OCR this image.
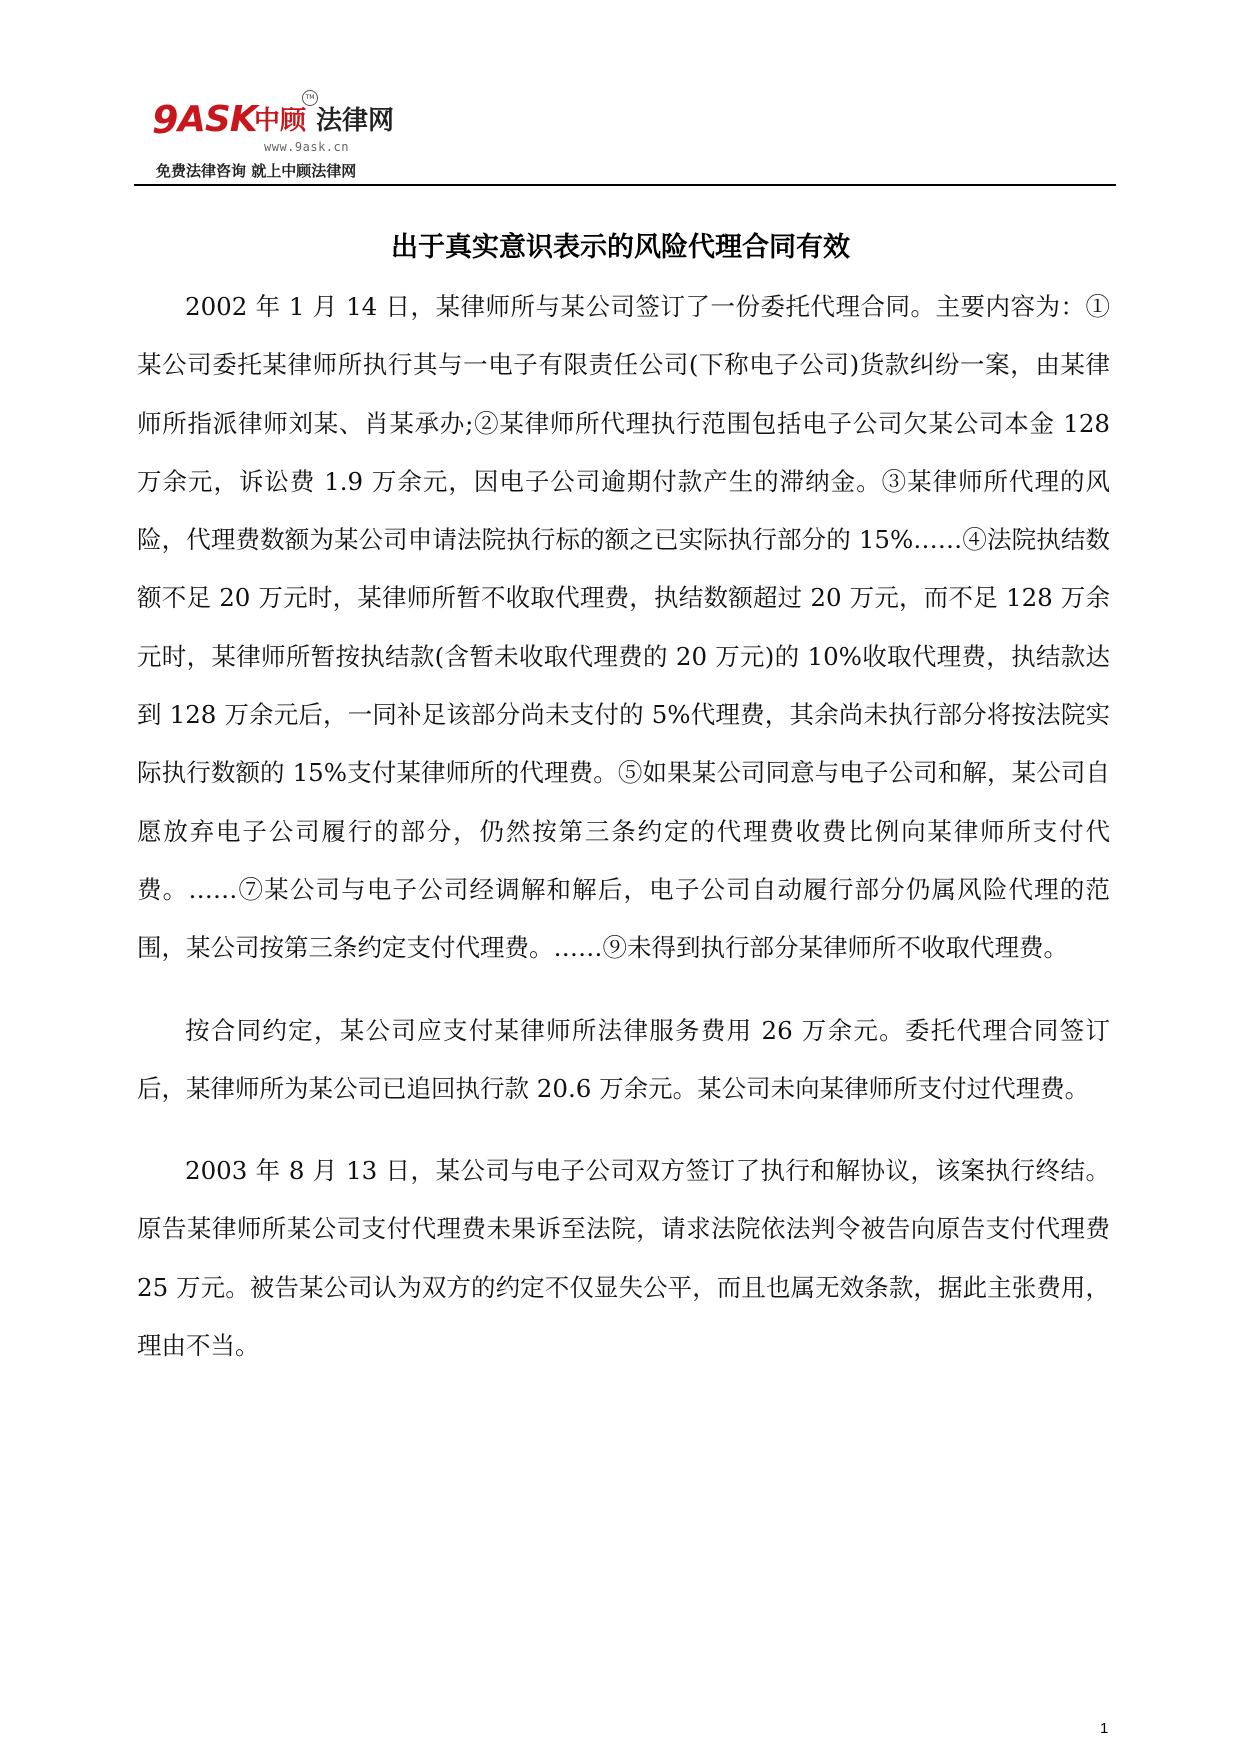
9 ASK
中顾
TM
法律网
www.9ask.cn
免费法律咨询 就上中顾法律网
出于真实意识表示的风险代理合同有效

2002 年 1 月 14 日，某律师所与某公司签订了一份委托代理合同。主要内容为：①某公司委托某律师所执行其与一电子有限责任公司(下称电子公司)货款纠纷一案，由某律师所指派律师刘某、肖某承办;②某律师所代理执行范围包括电子公司欠某公司本金 128 万余元，诉讼费 1.9 万余元，因电子公司逾期付款产生的滞纳金。③某律师所代理的风险，代理费数额为某公司申请法院执行标的额之已实际执行部分的 15%……④法院执结数额不足 20 万元时，某律师所暂不收取代理费，执结数额超过 20 万元，而不足 128 万余元时，某律师所暂按执结款(含暂未收取代理费的 20 万元)的 10%收取代理费，执结款达到 128 万余元后，一同补足该部分尚未支付的 5%代理费，其余尚未执行部分将按法院实际执行数额的 15%支付某律师所的代理费。⑤如果某公司同意与电子公司和解，某公司自愿放弃电子公司履行的部分，仍然按第三条约定的代理费收费比例向某律师所支付代费。……⑦某公司与电子公司经调解和解后，电子公司自动履行部分仍属风险代理的范围，某公司按第三条约定支付代理费。……⑨未得到执行部分某律师所不收取代理费。

按合同约定，某公司应支付某律师所法律服务费用 26 万余元。委托代理合同签订后，某律师所为某公司已追回执行款 20.6 万余元。某公司未向某律师所支付过代理费。

2003 年 8 月 13 日，某公司与电子公司双方签订了执行和解协议，该案执行终结。原告某律师所某公司支付代理费未果诉至法院，请求法院依法判令被告向原告支付代理费 25 万元。被告某公司认为双方的约定不仅显失公平，而且也属无效条款，据此主张费用，理由不当。

1
